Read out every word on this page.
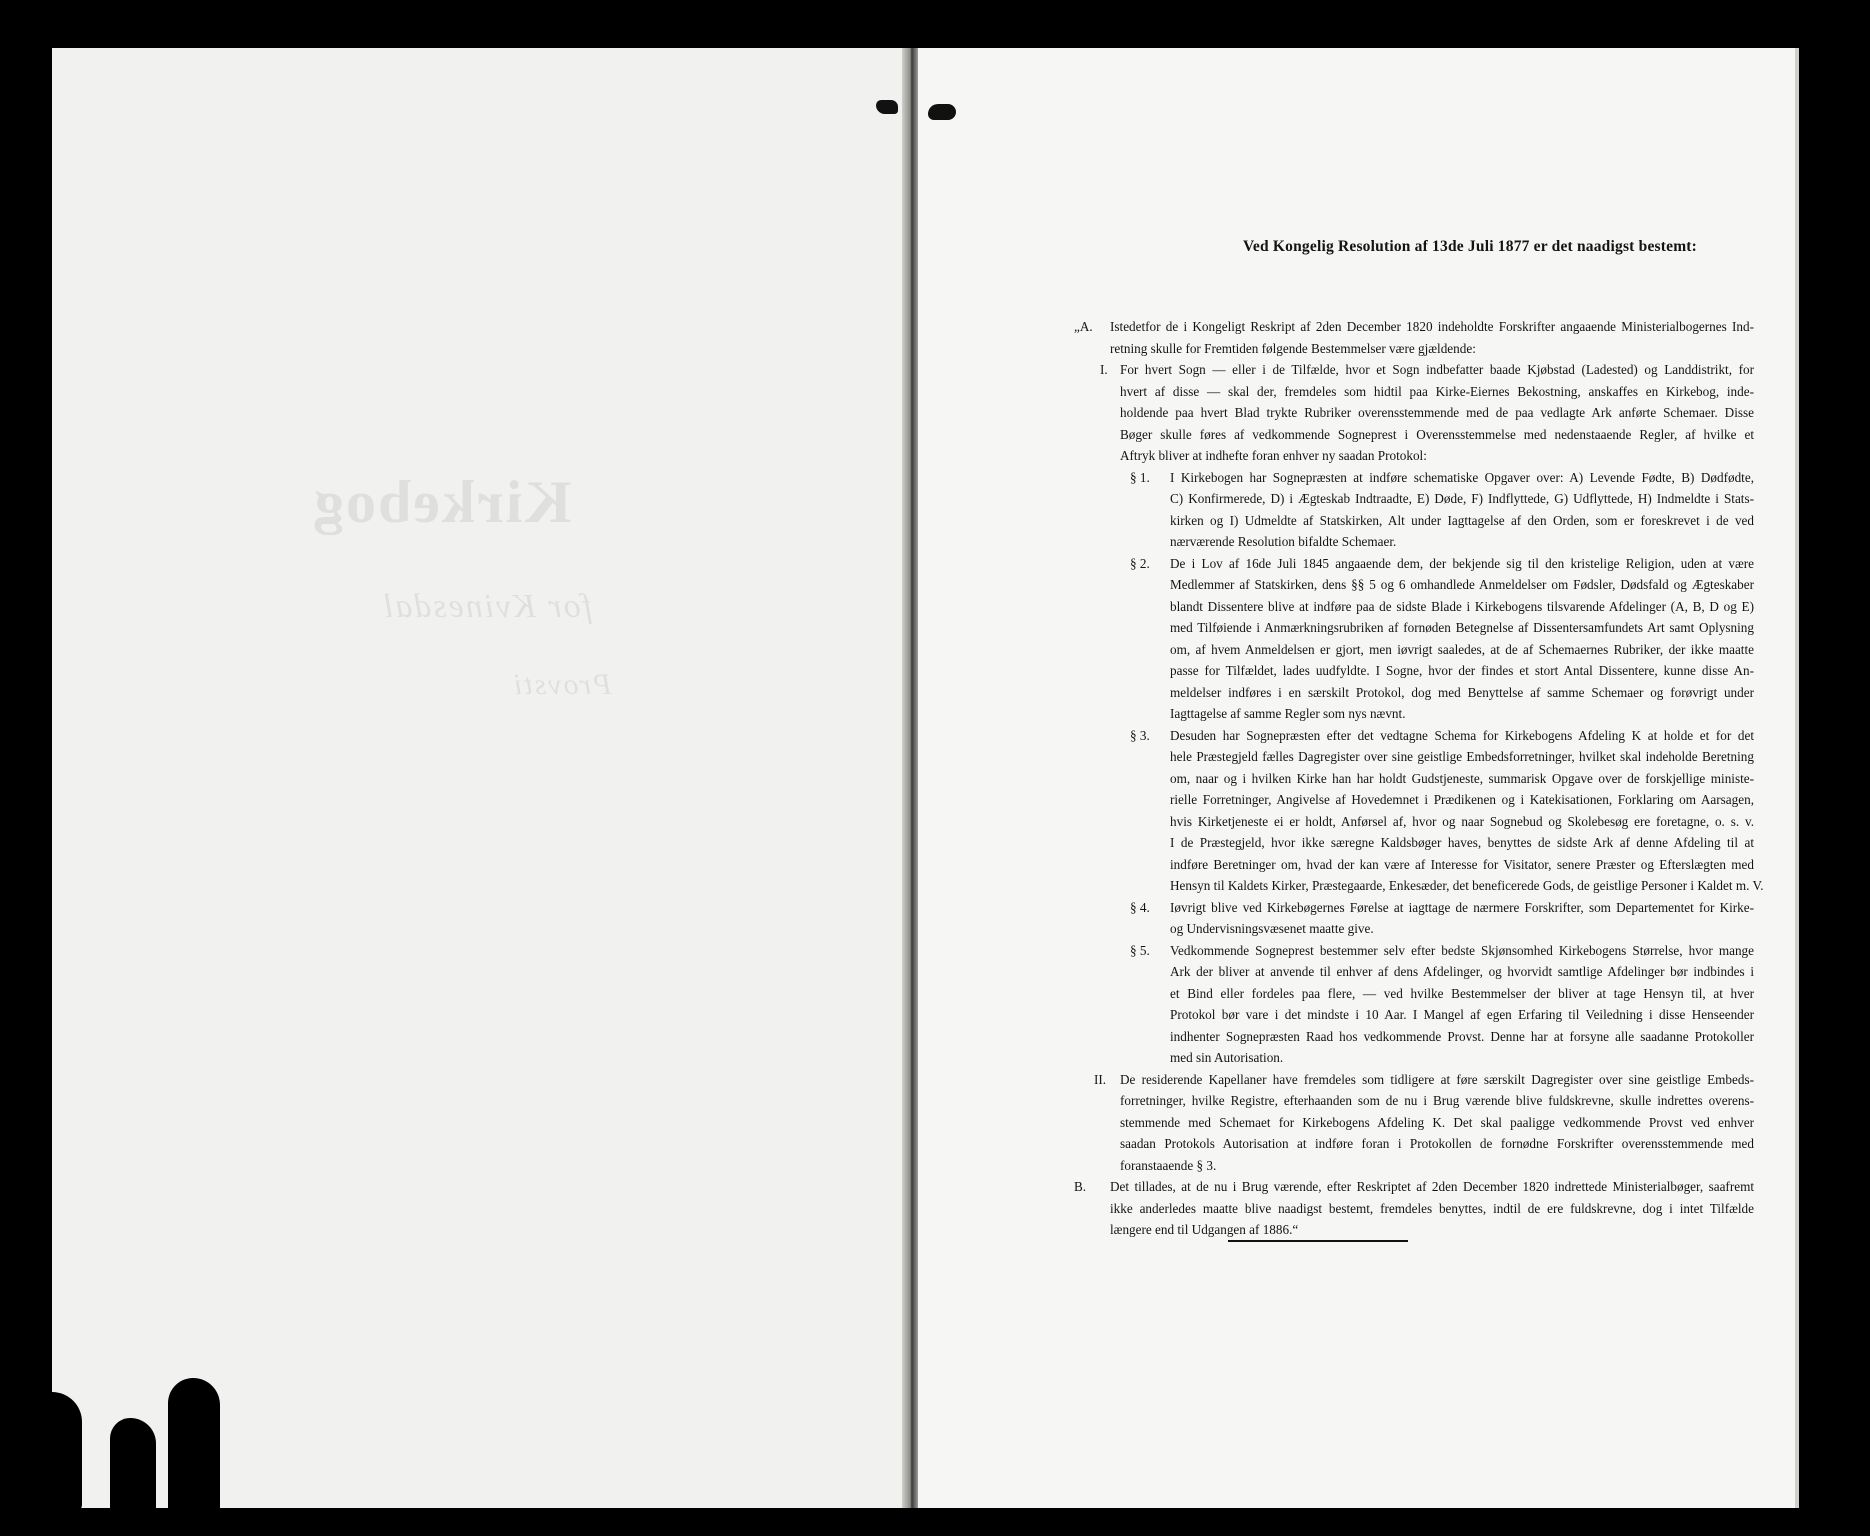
Kirkebog
for Kvinesdal
Provsti
Ved Kongelig Resolution af 13de Juli 1877 er det naadigst bestemt:
„A. Istedetfor de i Kongeligt Reskript af 2den December 1820 indeholdte Forskrifter angaaende Ministerialbogernes Ind-
retning skulle for Fremtiden følgende Bestemmelser være gjældende:
I. For hvert Sogn — eller i de Tilfælde, hvor et Sogn indbefatter baade Kjøbstad (Ladested) og Landdistrikt, for
hvert af disse — skal der, fremdeles som hidtil paa Kirke-Eiernes Bekostning, anskaffes en Kirkebog, inde-
holdende paa hvert Blad trykte Rubriker overensstemmende med de paa vedlagte Ark anførte Schemaer. Disse
Bøger skulle føres af vedkommende Sogneprest i Overensstemmelse med nedenstaaende Regler, af hvilke et
Aftryk bliver at indhefte foran enhver ny saadan Protokol:
§ 1. I Kirkebogen har Sognepræsten at indføre schematiske Opgaver over: A) Levende Fødte, B) Dødfødte,
C) Konfirmerede, D) i Ægteskab Indtraadte, E) Døde, F) Indflyttede, G) Udflyttede, H) Indmeldte i Stats-
kirken og I) Udmeldte af Statskirken, Alt under Iagttagelse af den Orden, som er foreskrevet i de ved
nærværende Resolution bifaldte Schemaer.
§ 2. De i Lov af 16de Juli 1845 angaaende dem, der bekjende sig til den kristelige Religion, uden at være
Medlemmer af Statskirken, dens §§ 5 og 6 omhandlede Anmeldelser om Fødsler, Dødsfald og Ægteskaber
blandt Dissentere blive at indføre paa de sidste Blade i Kirkebogens tilsvarende Afdelinger (A, B, D og E)
med Tilføiende i Anmærkningsrubriken af fornøden Betegnelse af Dissentersamfundets Art samt Oplysning
om, af hvem Anmeldelsen er gjort, men iøvrigt saaledes, at de af Schemaernes Rubriker, der ikke maatte
passe for Tilfældet, lades uudfyldte. I Sogne, hvor der findes et stort Antal Dissentere, kunne disse An-
meldelser indføres i en særskilt Protokol, dog med Benyttelse af samme Schemaer og forøvrigt under
Iagttagelse af samme Regler som nys nævnt.
§ 3. Desuden har Sognepræsten efter det vedtagne Schema for Kirkebogens Afdeling K at holde et for det
hele Præstegjeld fælles Dagregister over sine geistlige Embedsforretninger, hvilket skal indeholde Beretning
om, naar og i hvilken Kirke han har holdt Gudstjeneste, summarisk Opgave over de forskjellige ministe-
rielle Forretninger, Angivelse af Hovedemnet i Prædikenen og i Katekisationen, Forklaring om Aarsagen,
hvis Kirketjeneste ei er holdt, Anførsel af, hvor og naar Sognebud og Skolebesøg ere foretagne, o. s. v.
I de Præstegjeld, hvor ikke særegne Kaldsbøger haves, benyttes de sidste Ark af denne Afdeling til at
indføre Beretninger om, hvad der kan være af Interesse for Visitator, senere Præster og Efterslægten med
Hensyn til Kaldets Kirker, Præstegaarde, Enkesæder, det beneficerede Gods, de geistlige Personer i Kaldet m. V.
§ 4. Iøvrigt blive ved Kirkebøgernes Førelse at iagttage de nærmere Forskrifter, som Departementet for Kirke-
og Undervisningsvæsenet maatte give.
§ 5. Vedkommende Sogneprest bestemmer selv efter bedste Skjønsomhed Kirkebogens Størrelse, hvor mange
Ark der bliver at anvende til enhver af dens Afdelinger, og hvorvidt samtlige Afdelinger bør indbindes i
et Bind eller fordeles paa flere, — ved hvilke Bestemmelser der bliver at tage Hensyn til, at hver
Protokol bør vare i det mindste i 10 Aar. I Mangel af egen Erfaring til Veiledning i disse Henseender
indhenter Sognepræsten Raad hos vedkommende Provst. Denne har at forsyne alle saadanne Protokoller
med sin Autorisation.
II. De residerende Kapellaner have fremdeles som tidligere at føre særskilt Dagregister over sine geistlige Embeds-
forretninger, hvilke Registre, efterhaanden som de nu i Brug værende blive fuldskrevne, skulle indrettes overens-
stemmende med Schemaet for Kirkebogens Afdeling K. Det skal paaligge vedkommende Provst ved enhver
saadan Protokols Autorisation at indføre foran i Protokollen de fornødne Forskrifter overensstemmende med
foranstaaende § 3.
B. Det tillades, at de nu i Brug værende, efter Reskriptet af 2den December 1820 indrettede Ministerialbøger, saafremt
ikke anderledes maatte blive naadigst bestemt, fremdeles benyttes, indtil de ere fuldskrevne, dog i intet Tilfælde
længere end til Udgangen af 1886.“
